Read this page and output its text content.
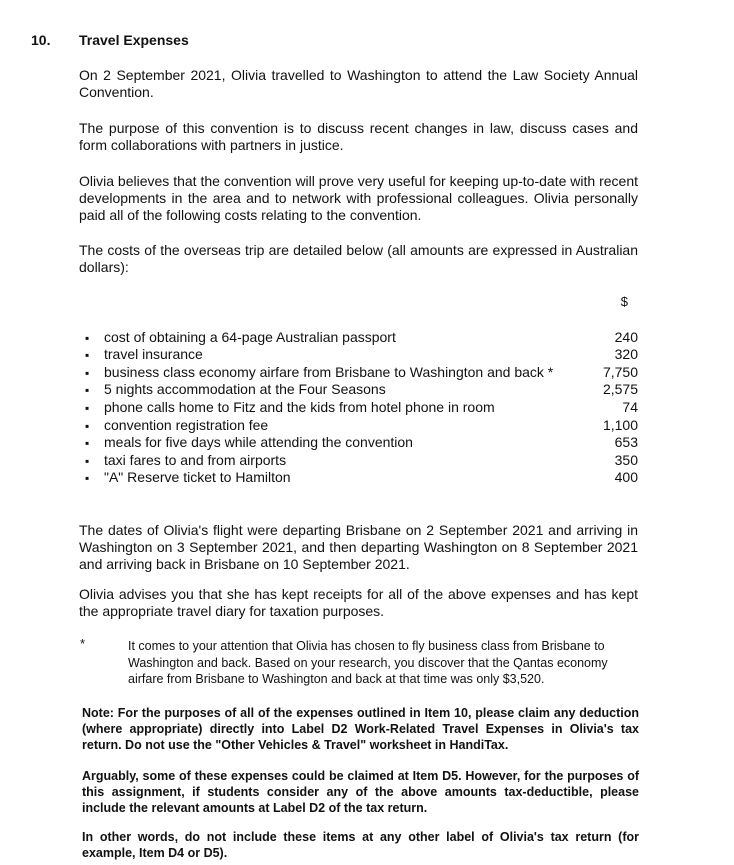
10. Travel Expenses
On 2 September 2021, Olivia travelled to Washington to attend the Law Society Annual Convention.
The purpose of this convention is to discuss recent changes in law, discuss cases and form collaborations with partners in justice.
Olivia believes that the convention will prove very useful for keeping up-to-date with recent developments in the area and to network with professional colleagues. Olivia personally paid all of the following costs relating to the convention.
The costs of the overseas trip are detailed below (all amounts are expressed in Australian dollars):
$
▪ cost of obtaining a 64-page Australian passport	240
▪ travel insurance	320
▪ business class economy airfare from Brisbane to Washington and back *	7,750
▪ 5 nights accommodation at the Four Seasons	2,575
▪ phone calls home to Fitz and the kids from hotel phone in room	74
▪ convention registration fee	1,100
▪ meals for five days while attending the convention	653
▪ taxi fares to and from airports	350
▪ "A" Reserve ticket to Hamilton	400
The dates of Olivia's flight were departing Brisbane on 2 September 2021 and arriving in Washington on 3 September 2021, and then departing Washington on 8 September 2021 and arriving back in Brisbane on 10 September 2021.
Olivia advises you that she has kept receipts for all of the above expenses and has kept the appropriate travel diary for taxation purposes.
*	It comes to your attention that Olivia has chosen to fly business class from Brisbane to Washington and back. Based on your research, you discover that the Qantas economy airfare from Brisbane to Washington and back at that time was only $3,520.
Note: For the purposes of all of the expenses outlined in Item 10, please claim any deduction (where appropriate) directly into Label D2 Work-Related Travel Expenses in Olivia's tax return. Do not use the "Other Vehicles & Travel" worksheet in HandiTax.
Arguably, some of these expenses could be claimed at Item D5. However, for the purposes of this assignment, if students consider any of the above amounts tax-deductible, please include the relevant amounts at Label D2 of the tax return.
In other words, do not include these items at any other label of Olivia's tax return (for example, Item D4 or D5).
